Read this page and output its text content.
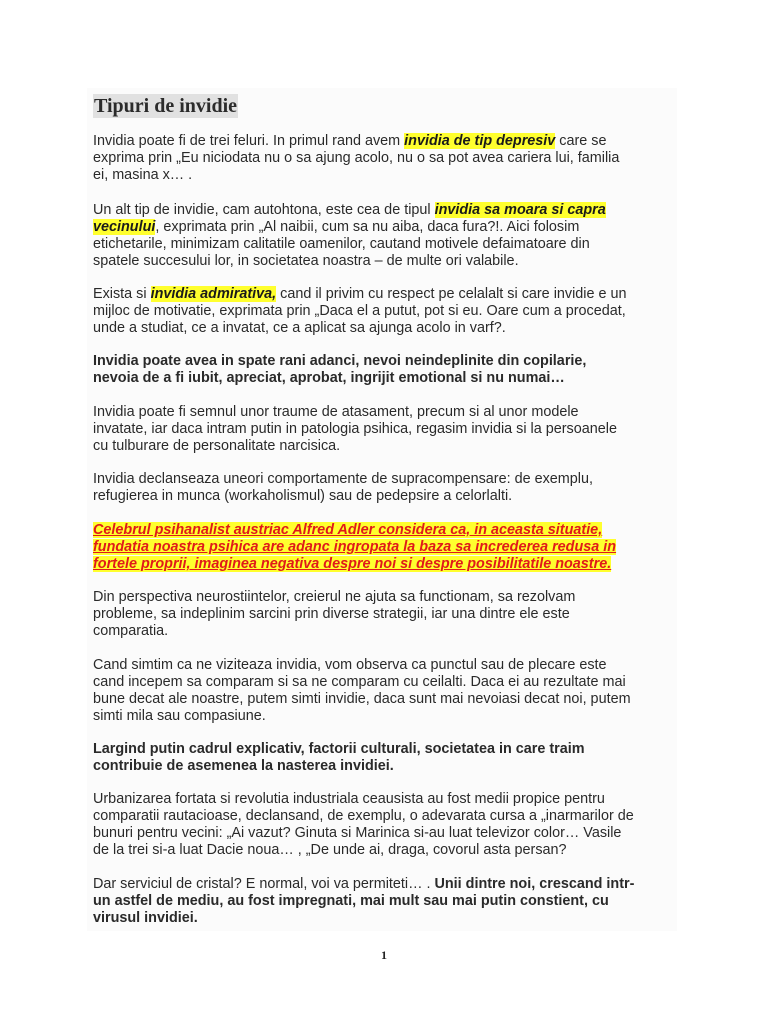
Tipuri de invidie

Invidia poate fi de trei feluri. In primul rand avem invidia de tip depresiv care se
exprima prin „Eu niciodata nu o sa ajung acolo, nu o sa pot avea cariera lui, familia
ei, masina x… .

Un alt tip de invidie, cam autohtona, este cea de tipul invidia sa moara si capra
vecinului, exprimata prin „Al naibii, cum sa nu aiba, daca fura?!. Aici folosim
etichetarile, minimizam calitatile oamenilor, cautand motivele defaimatoare din
spatele succesului lor, in societatea noastra – de multe ori valabile.

Exista si invidia admirativa, cand il privim cu respect pe celalalt si care invidie e un
mijloc de motivatie, exprimata prin „Daca el a putut, pot si eu. Oare cum a procedat,
unde a studiat, ce a invatat, ce a aplicat sa ajunga acolo in varf?.

Invidia poate avea in spate rani adanci, nevoi neindeplinite din copilarie,
nevoia de a fi iubit, apreciat, aprobat, ingrijit emotional si nu numai…

Invidia poate fi semnul unor traume de atasament, precum si al unor modele
invatate, iar daca intram putin in patologia psihica, regasim invidia si la persoanele
cu tulburare de personalitate narcisica.

Invidia declanseaza uneori comportamente de supracompensare: de exemplu,
refugierea in munca (workaholismul) sau de pedepsire a celorlalti.

Celebrul psihanalist austriac Alfred Adler considera ca, in aceasta situatie,
fundatia noastra psihica are adanc ingropata la baza sa increderea redusa in
fortele proprii, imaginea negativa despre noi si despre posibilitatile noastre.

Din perspectiva neurostiintelor, creierul ne ajuta sa functionam, sa rezolvam
probleme, sa indeplinim sarcini prin diverse strategii, iar una dintre ele este
comparatia.

Cand simtim ca ne viziteaza invidia, vom observa ca punctul sau de plecare este
cand incepem sa comparam si sa ne comparam cu ceilalti. Daca ei au rezultate mai
bune decat ale noastre, putem simti invidie, daca sunt mai nevoiasi decat noi, putem
simti mila sau compasiune.

Largind putin cadrul explicativ, factorii culturali, societatea in care traim
contribuie de asemenea la nasterea invidiei.

Urbanizarea fortata si revolutia industriala ceausista au fost medii propice pentru
comparatii rautacioase, declansand, de exemplu, o adevarata cursa a „inarmarilor de
bunuri pentru vecini: „Ai vazut? Ginuta si Marinica si-au luat televizor color… Vasile
de la trei si-a luat Dacie noua… , „De unde ai, draga, covorul asta persan?

Dar serviciul de cristal? E normal, voi va permiteti… . Unii dintre noi, crescand intr-
un astfel de mediu, au fost impregnati, mai mult sau mai putin constient, cu
virusul invidiei.

1
